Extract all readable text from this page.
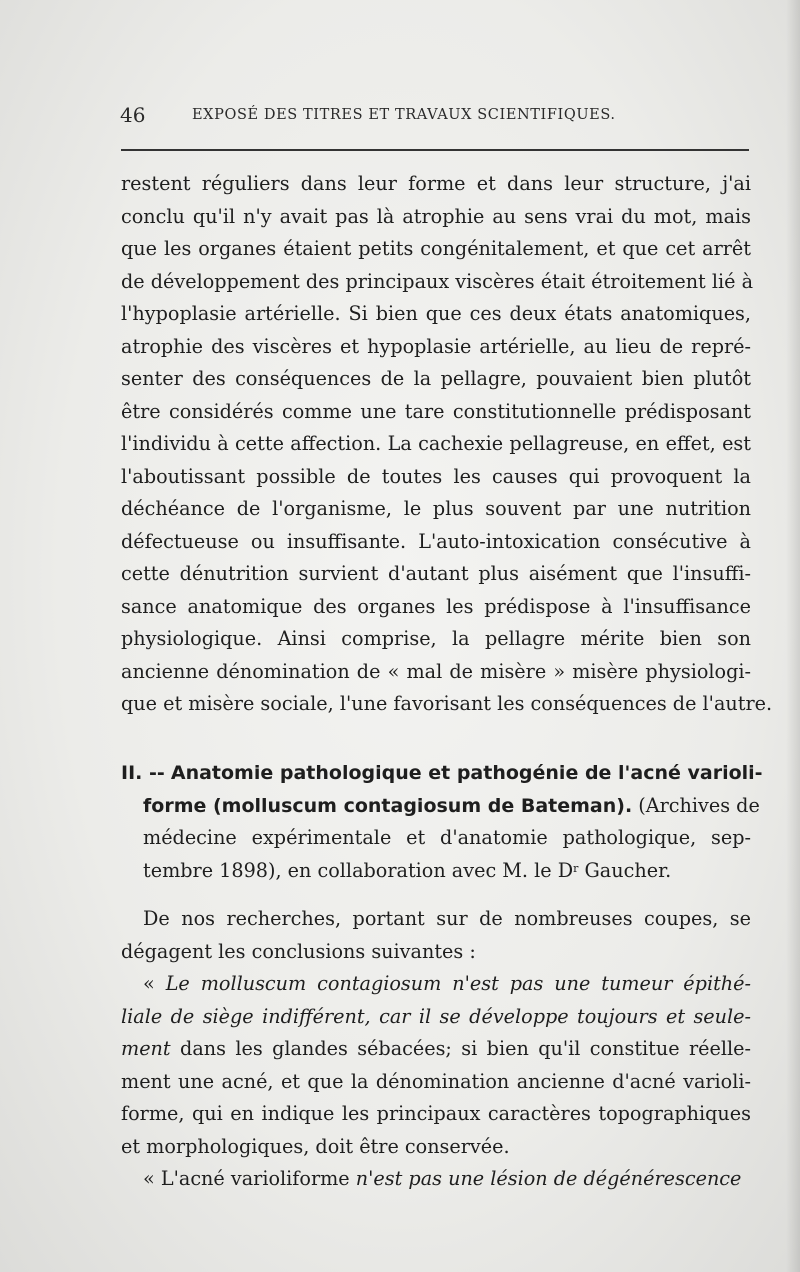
46	EXPOSÉ DES TITRES ET TRAVAUX SCIENTIFIQUES.
restent réguliers dans leur forme et dans leur structure, j'ai
conclu qu'il n'y avait pas là atrophie au sens vrai du mot, mais
que les organes étaient petits congénitalement, et que cet arrêt
de développement des principaux viscères était étroitement lié à
l'hypoplasie artérielle. Si bien que ces deux états anatomiques,
atrophie des viscères et hypoplasie artérielle, au lieu de repré-
senter des conséquences de la pellagre, pouvaient bien plutôt
être considérés comme une tare constitutionnelle prédisposant
l'individu à cette affection. La cachexie pellagreuse, en effet, est
l'aboutissant possible de toutes les causes qui provoquent la
déchéance de l'organisme, le plus souvent par une nutrition
défectueuse ou insuffisante. L'auto-intoxication consécutive à
cette dénutrition survient d'autant plus aisément que l'insuffi-
sance anatomique des organes les prédispose à l'insuffisance
physiologique. Ainsi comprise, la pellagre mérite bien son
ancienne dénomination de « mal de misère » misère physiologi-
que et misère sociale, l'une favorisant les conséquences de l'autre.
II. -- Anatomie pathologique et pathogénie de l'acné varioli-
forme (molluscum contagiosum de Bateman). (Archives de
médecine expérimentale et d'anatomie pathologique, sep-
tembre 1898), en collaboration avec M. le $D^r$ Gaucher.
De nos recherches, portant sur de nombreuses coupes, se
dégagent les conclusions suivantes :
« Le molluscum contagiosum n'est pas une tumeur épithé-
liale de siège indifférent, car il se développe toujours et seule-
ment dans les glandes sébacées; si bien qu'il constitue réelle-
ment une acné, et que la dénomination ancienne d'acné varioli-
forme, qui en indique les principaux caractères topographiques
et morphologiques, doit être conservée.
« L'acné varioliforme n'est pas une lésion de dégénérescence
